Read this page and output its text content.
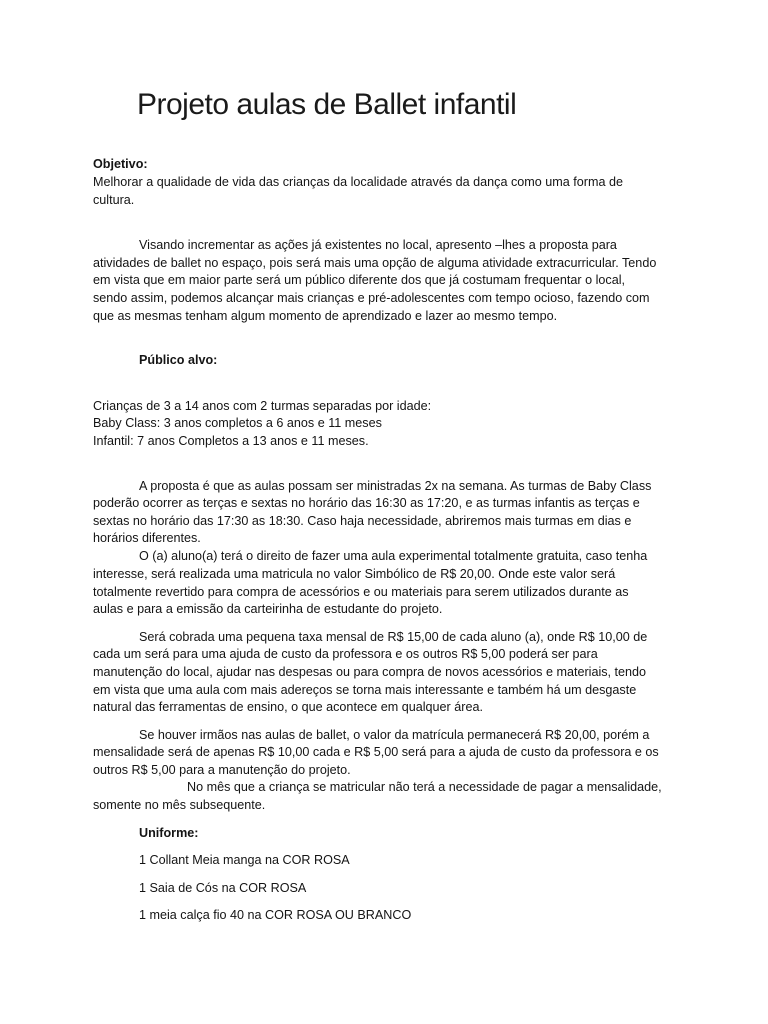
Projeto aulas de Ballet infantil
Objetivo:
Melhorar a qualidade de vida das crianças da localidade através da dança como uma forma de
cultura.
Visando incrementar as ações já existentes no local, apresento –lhes a proposta para
atividades de ballet no espaço, pois será mais uma opção de alguma atividade extracurricular. Tendo
em vista que em maior parte será um público diferente dos que já costumam frequentar o local,
sendo assim, podemos alcançar mais crianças e pré-adolescentes com tempo ocioso, fazendo com
que as mesmas tenham algum momento de aprendizado e lazer ao mesmo tempo.
Público alvo:
Crianças de 3 a 14 anos com 2 turmas separadas por idade:
Baby Class: 3 anos completos a 6 anos e 11 meses
Infantil: 7 anos Completos a 13 anos e 11 meses.
A proposta é que as aulas possam ser ministradas 2x na semana. As turmas de Baby Class
poderão ocorrer as terças e sextas no horário das 16:30 as 17:20, e as turmas infantis as terças e
sextas no horário das 17:30 as 18:30. Caso haja necessidade, abriremos mais turmas em dias e
horários diferentes.
O (a) aluno(a) terá o direito de fazer uma aula experimental totalmente gratuita, caso tenha
interesse, será realizada uma matricula no valor Simbólico de R$ 20,00. Onde este valor será
totalmente revertido para compra de acessórios e ou materiais para serem utilizados durante as
aulas e para a emissão da carteirinha de estudante do projeto.
Será cobrada uma pequena taxa mensal de R$ 15,00 de cada aluno (a), onde R$ 10,00 de
cada um será para uma ajuda de custo da professora e os outros R$ 5,00 poderá ser para
manutenção do local, ajudar nas despesas ou para compra de novos acessórios e materiais, tendo
em vista que uma aula com mais adereços se torna mais interessante e também há um desgaste
natural das ferramentas de ensino, o que acontece em qualquer área.
Se houver irmãos nas aulas de ballet, o valor da matrícula permanecerá R$ 20,00, porém a
mensalidade será de apenas R$ 10,00 cada e R$ 5,00 será para a ajuda de custo da professora e os
outros R$ 5,00 para a manutenção do projeto.
No mês que a criança se matricular não terá a necessidade de pagar a mensalidade,
somente no mês subsequente.
Uniforme:
1 Collant Meia manga na COR ROSA
1 Saia de Cós na COR ROSA
1 meia calça fio 40 na COR ROSA OU BRANCO
